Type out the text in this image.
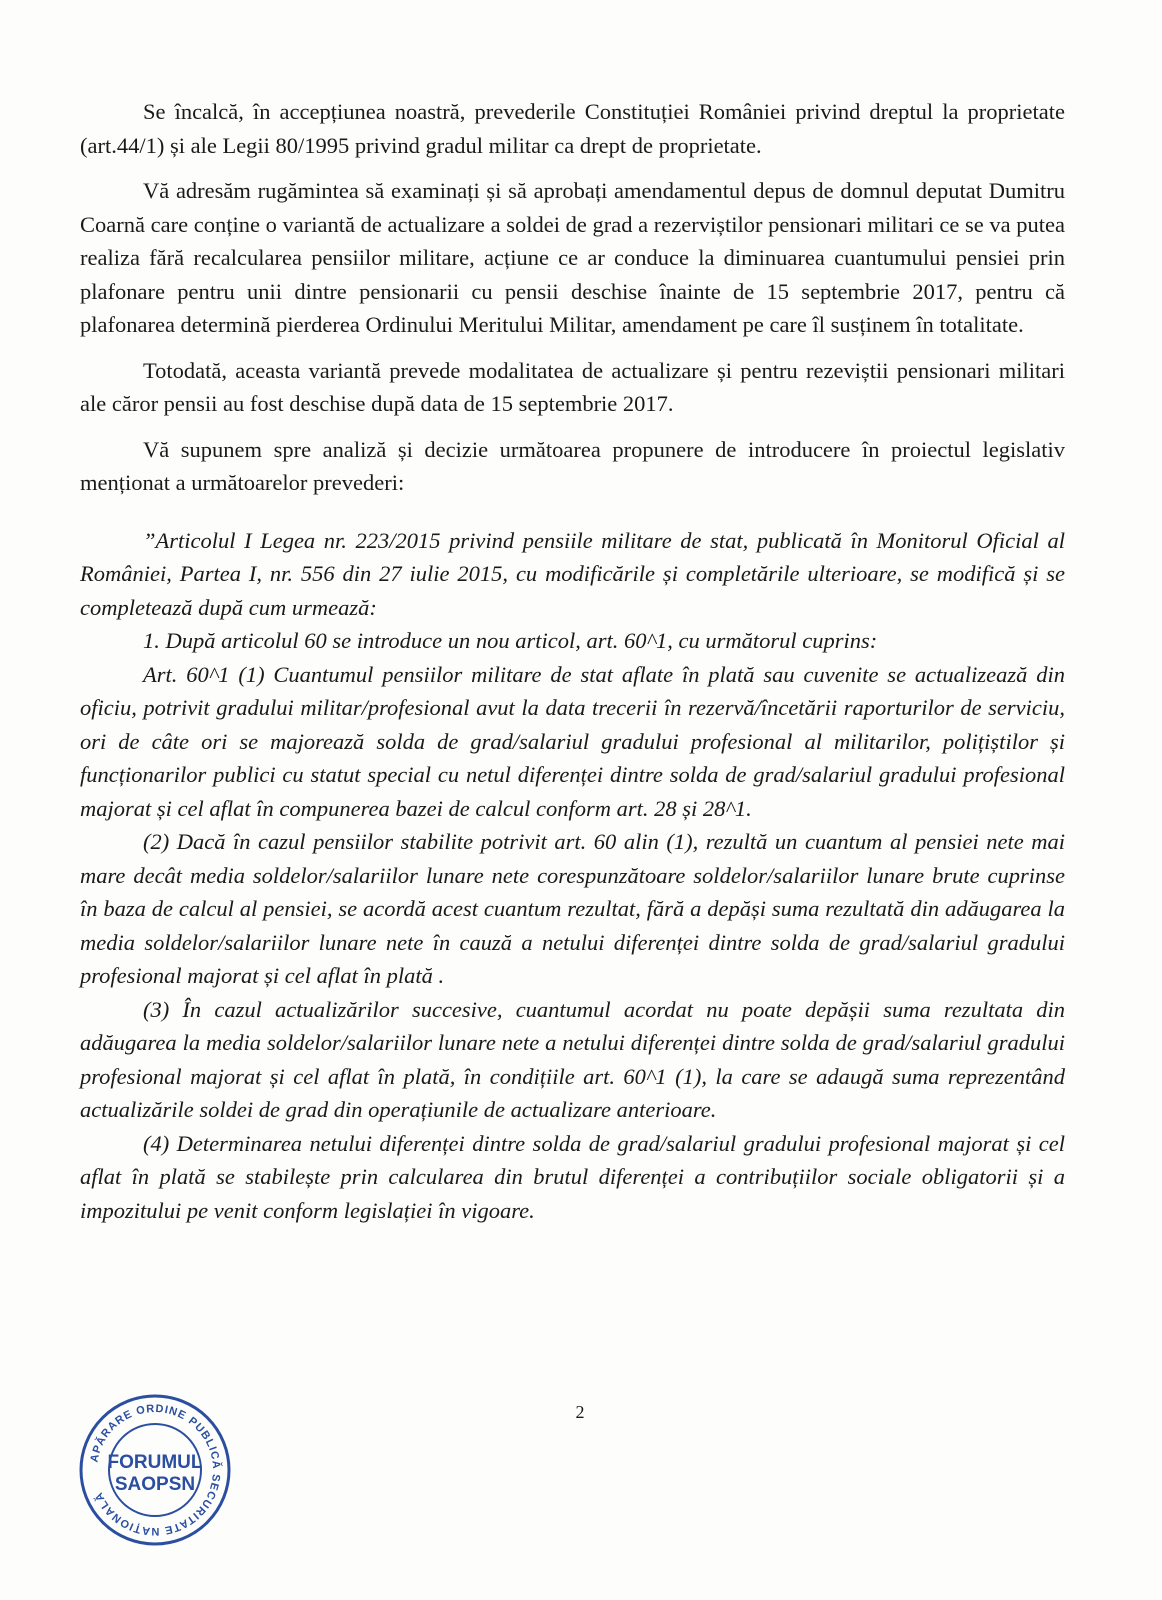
Se încalcă, în accepțiunea noastră, prevederile Constituției României privind dreptul la proprietate (art.44/1) și ale Legii 80/1995 privind gradul militar ca drept de proprietate.

Vă adresăm rugămintea să examinați și să aprobați amendamentul depus de domnul deputat Dumitru Coarnă care conține o variantă de actualizare a soldei de grad a rezerviștilor pensionari militari ce se va putea realiza fără recalcularea pensiilor militare, acțiune ce ar conduce la diminuarea cuantumului pensiei prin plafonare pentru unii dintre pensionarii cu pensii deschise înainte de 15 septembrie 2017, pentru că plafonarea determină pierderea Ordinului Meritului Militar, amendament pe care îl susținem în totalitate.

Totodată, aceasta variantă prevede modalitatea de actualizare și pentru rezeviștii pensionari militari ale căror pensii au fost deschise după data de 15 septembrie 2017.

Vă supunem spre analiză și decizie următoarea propunere de introducere în proiectul legislativ menționat a următoarelor prevederi:

”Articolul I Legea nr. 223/2015 privind pensiile militare de stat, publicată în Monitorul Oficial al României, Partea I, nr. 556 din 27 iulie 2015, cu modificările și completările ulterioare, se modifică și se completează după cum urmează:

1. După articolul 60 se introduce un nou articol, art. 60^1, cu următorul cuprins:

Art. 60^1 (1) Cuantumul pensiilor militare de stat aflate în plată sau cuvenite se actualizează din oficiu, potrivit gradului militar/profesional avut la data trecerii în rezervă/încetării raporturilor de serviciu, ori de câte ori se majorează solda de grad/salariul gradului profesional al militarilor, polițiștilor și funcționarilor publici cu statut special cu netul diferenței dintre solda de grad/salariul gradului profesional majorat și cel aflat în compunerea bazei de calcul conform art. 28 și 28^1.

(2) Dacă în cazul pensiilor stabilite potrivit art. 60 alin (1), rezultă un cuantum al pensiei nete mai mare decât media soldelor/salariilor lunare nete corespunzătoare soldelor/salariilor lunare brute cuprinse în baza de calcul al pensiei, se acordă acest cuantum rezultat, fără a depăși suma rezultată din adăugarea la media soldelor/salariilor lunare nete în cauză a netului diferenței dintre solda de grad/salariul gradului profesional majorat și cel aflat în plată .

(3) În cazul actualizărilor succesive, cuantumul acordat nu poate depășii suma rezultata din adăugarea la media soldelor/salariilor lunare nete a netului diferenței dintre solda de grad/salariul gradului profesional majorat și cel aflat în plată, în condițiile art. 60^1 (1), la care se adaugă suma reprezentând actualizările soldei de grad din operațiunile de actualizare anterioare.

(4) Determinarea netului diferenței dintre solda de grad/salariul gradului profesional majorat și cel aflat în plată se stabilește prin calcularea din brutul diferenței a contribuțiilor sociale obligatorii și a impozitului pe venit conform legislației în vigoare.

2
APĂRARE ORDINE PUBLICĂ SECURITATE NAȚIONALĂ
FORUMUL
SAOPSN
